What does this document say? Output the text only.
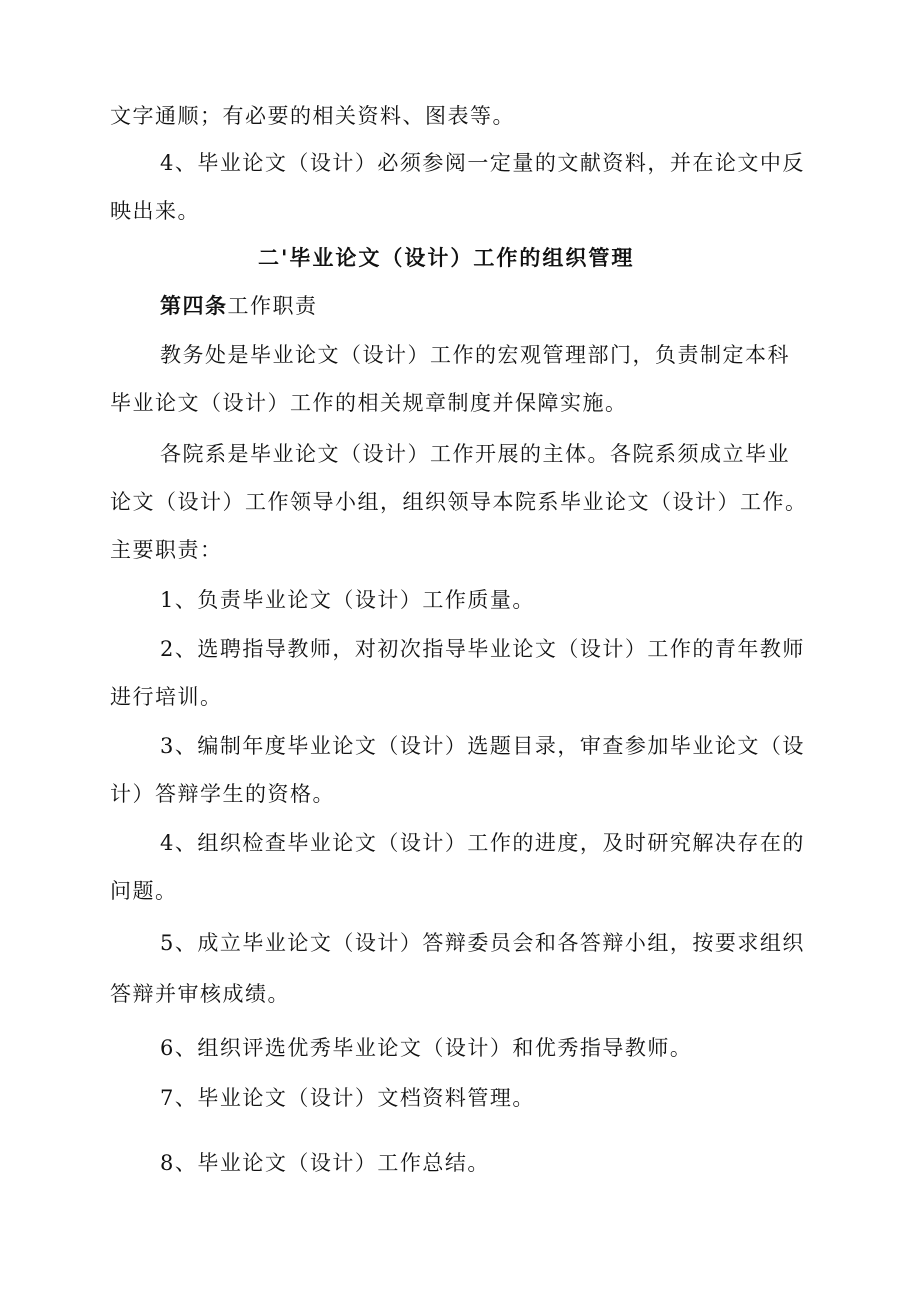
文字通顺；有必要的相关资料、图表等。
4、毕业论文（设计）必须参阅一定量的文献资料，并在论文中反
映出来。
二'毕业论文（设计）工作的组织管理
第四条工作职责
教务处是毕业论文（设计）工作的宏观管理部门，负责制定本科
毕业论文（设计）工作的相关规章制度并保障实施。
各院系是毕业论文（设计）工作开展的主体。各院系须成立毕业
论文（设计）工作领导小组，组织领导本院系毕业论文（设计）工作。
主要职责：
1、负责毕业论文（设计）工作质量。
2、选聘指导教师，对初次指导毕业论文（设计）工作的青年教师
进行培训。
3、编制年度毕业论文（设计）选题目录，审查参加毕业论文（设
计）答辩学生的资格。
4、组织检查毕业论文（设计）工作的进度，及时研究解决存在的
问题。
5、成立毕业论文（设计）答辩委员会和各答辩小组，按要求组织
答辩并审核成绩。
6、组织评选优秀毕业论文（设计）和优秀指导教师。
7、毕业论文（设计）文档资料管理。
8、毕业论文（设计）工作总结。
